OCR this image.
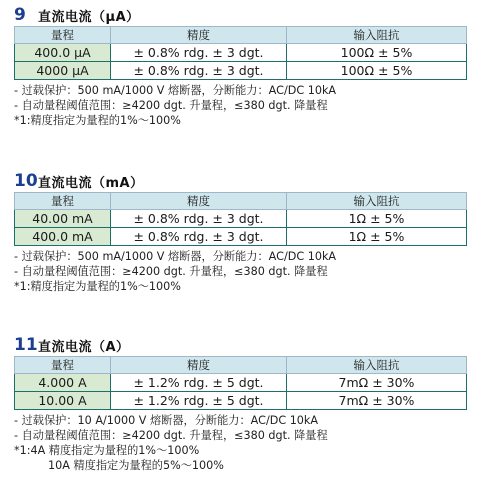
9 直流电流（μA）
量程	精度	输入阻抗
400.0 μA	± 0.8% rdg. ± 3 dgt.	100Ω ± 5%
4000 μA	± 0.8% rdg. ± 3 dgt.	100Ω ± 5%
- 过载保护：500 mA/1000 V 熔断器，分断能力：AC/DC 10kA
- 自动量程阈值范围：≥4200 dgt. 升量程，≤380 dgt. 降量程
*1:精度指定为量程的1%～100%
10 直流电流（mA）
量程	精度	输入阻抗
40.00 mA	± 0.8% rdg. ± 3 dgt.	1Ω ± 5%
400.0 mA	± 0.8% rdg. ± 3 dgt.	1Ω ± 5%
- 过载保护：500 mA/1000 V 熔断器，分断能力：AC/DC 10kA
- 自动量程阈值范围：≥4200 dgt. 升量程，≤380 dgt. 降量程
*1:精度指定为量程的1%～100%
11 直流电流（A）
量程	精度	输入阻抗
4.000 A	± 1.2% rdg. ± 5 dgt.	7mΩ ± 30%
10.00 A	± 1.2% rdg. ± 5 dgt.	7mΩ ± 30%
- 过载保护：10 A/1000 V 熔断器，分断能力：AC/DC 10kA
- 自动量程阈值范围：≥4200 dgt. 升量程，≤380 dgt. 降量程
*1:4A 精度指定为量程的1%～100%
10A 精度指定为量程的5%～100%
